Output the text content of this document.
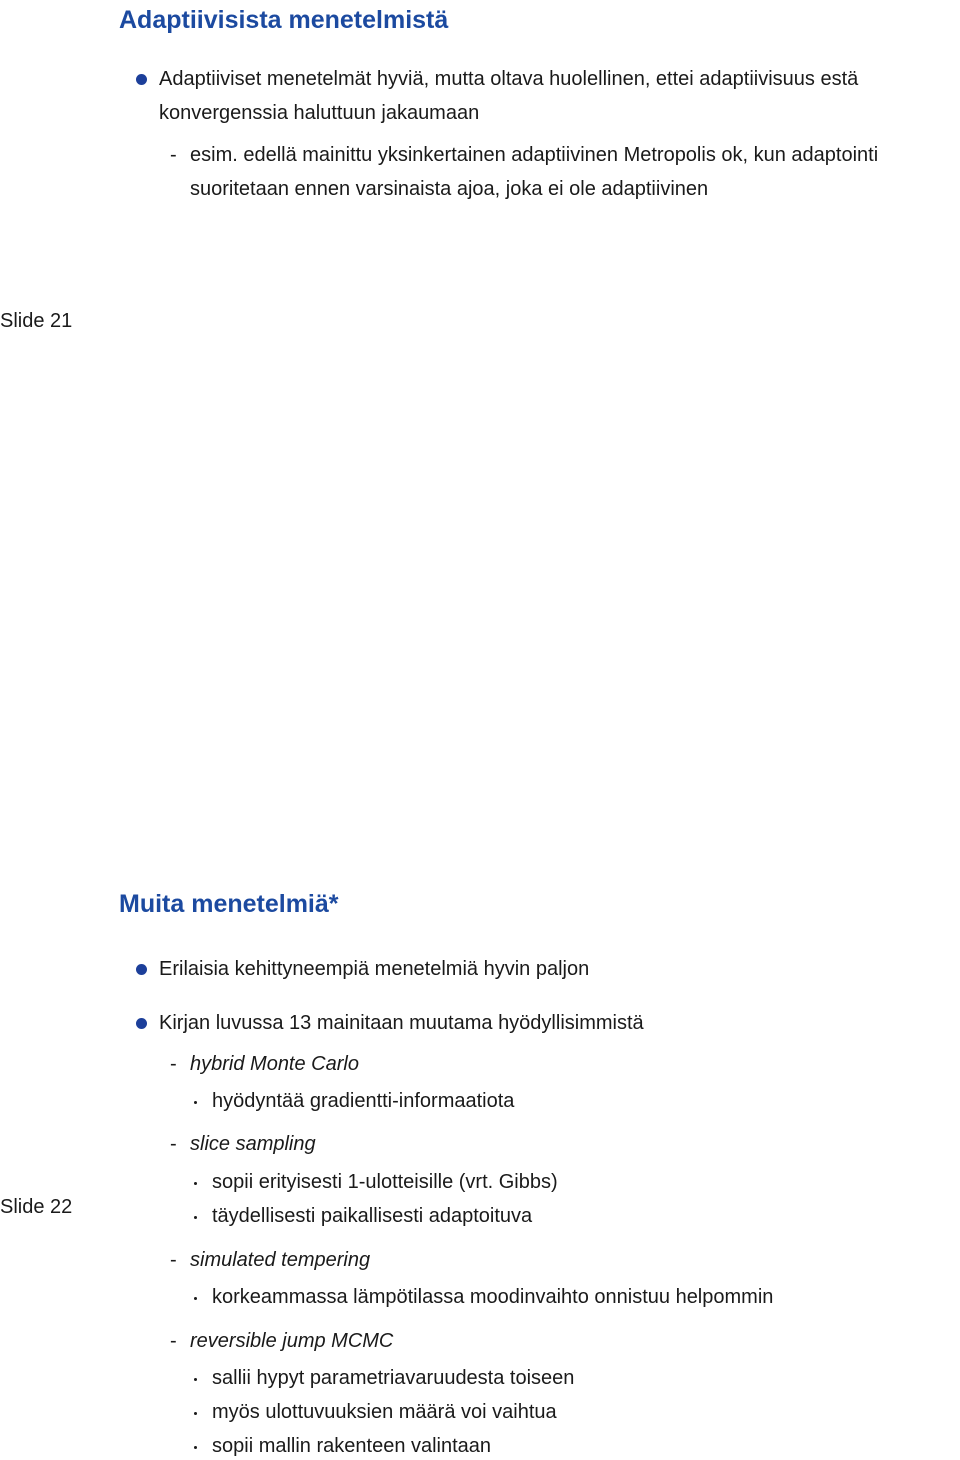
Adaptiivisista menetelmistä
Adaptiiviset menetelmät hyviä, mutta oltava huolellinen, ettei adaptiivisuus estä
konvergenssia haluttuun jakaumaan
- esim. edellä mainittu yksinkertainen adaptiivinen Metropolis ok, kun adaptointi
suoritetaan ennen varsinaista ajoa, joka ei ole adaptiivinen
Slide 21
Muita menetelmiä*
Erilaisia kehittyneempiä menetelmiä hyvin paljon
Kirjan luvussa 13 mainitaan muutama hyödyllisimmistä
- hybrid Monte Carlo
hyödyntää gradientti-informaatiota
- slice sampling
sopii erityisesti 1-ulotteisille (vrt. Gibbs)
täydellisesti paikallisesti adaptoituva
Slide 22
- simulated tempering
korkeammassa lämpötilassa moodinvaihto onnistuu helpommin
- reversible jump MCMC
sallii hypyt parametriavaruudesta toiseen
myös ulottuvuuksien määrä voi vaihtua
sopii mallin rakenteen valintaan
